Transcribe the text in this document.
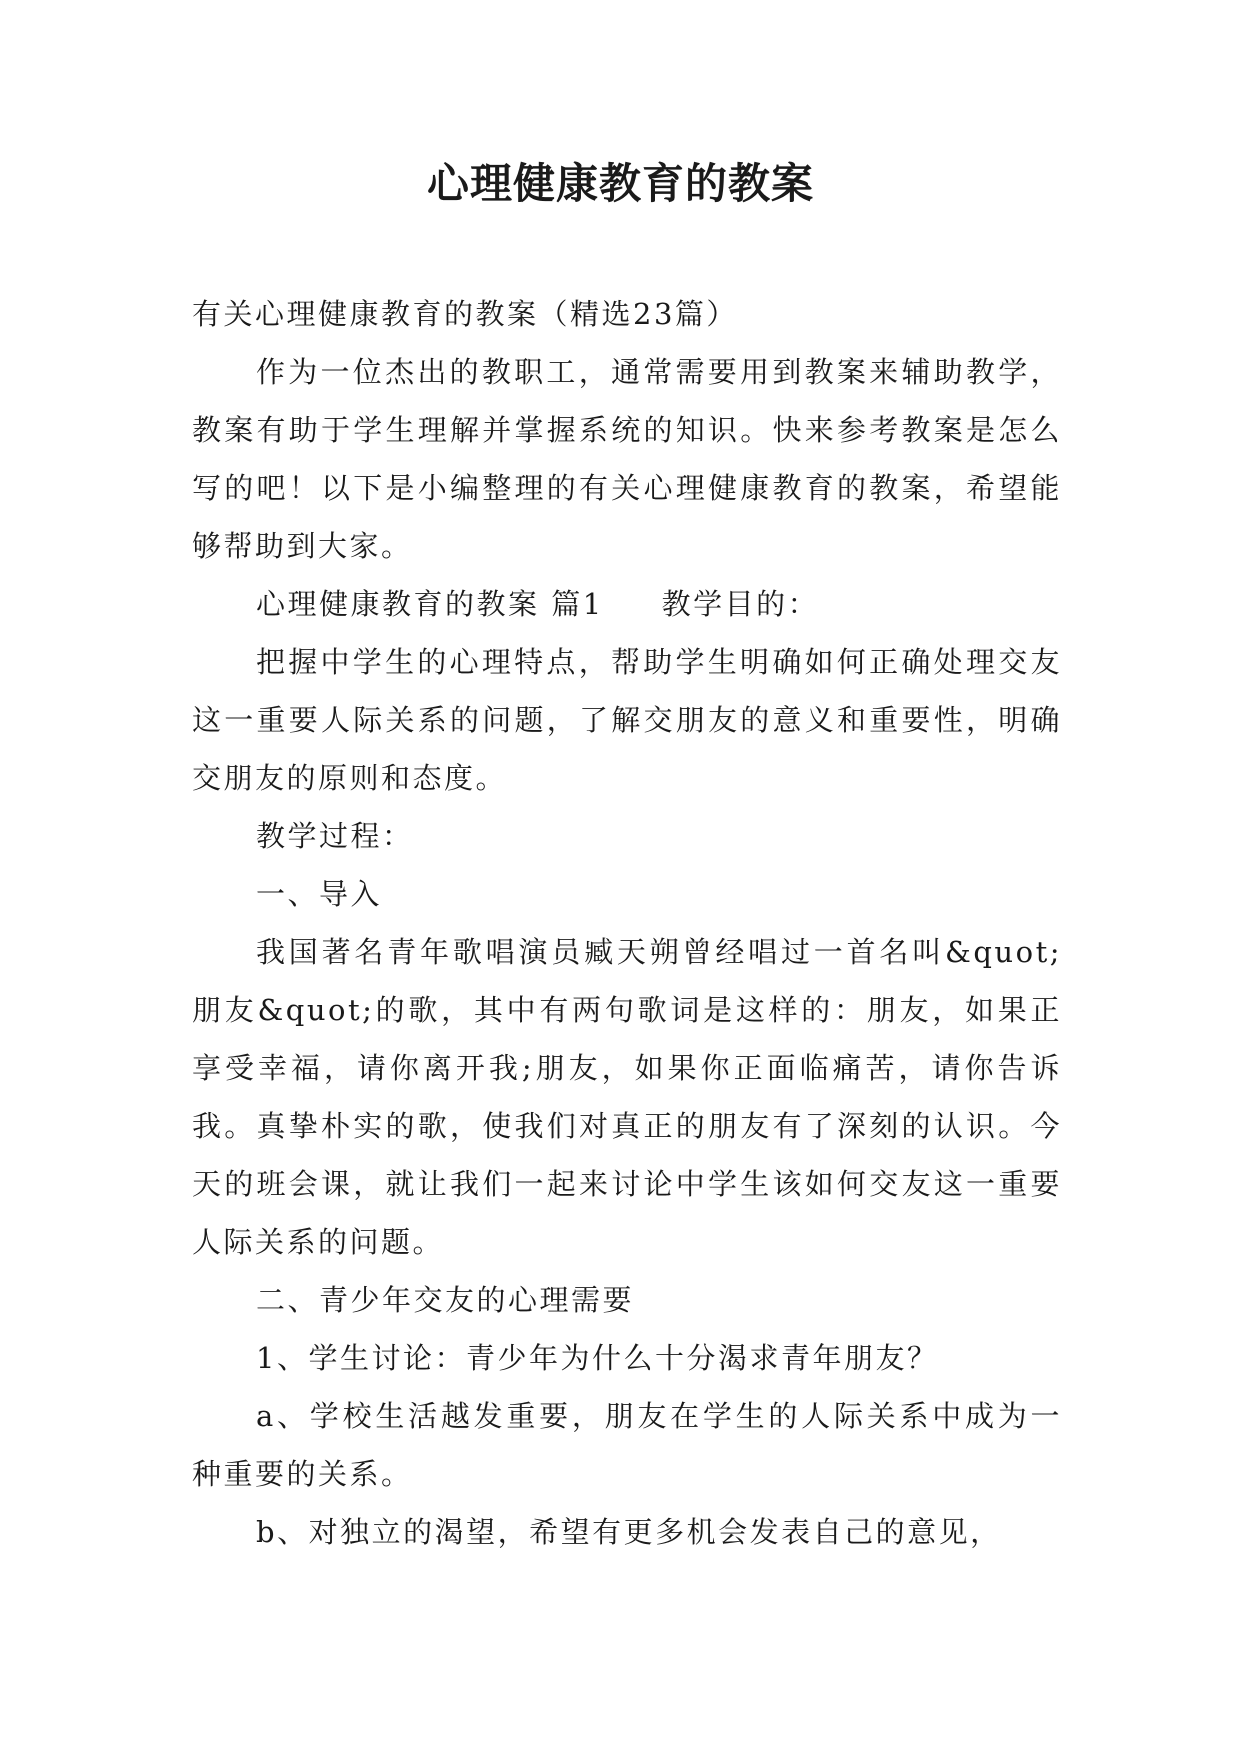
心理健康教育的教案

有关心理健康教育的教案（精选23篇）

作为一位杰出的教职工，通常需要用到教案来辅助教学，教案有助于学生理解并掌握系统的知识。快来参考教案是怎么写的吧！以下是小编整理的有关心理健康教育的教案，希望能够帮助到大家。

心理健康教育的教案 篇1 教学目的：

把握中学生的心理特点，帮助学生明确如何正确处理交友这一重要人际关系的问题，了解交朋友的意义和重要性，明确交朋友的原则和态度。

教学过程：

一、导入

我国著名青年歌唱演员臧天朔曾经唱过一首名叫&quot;朋友&quot;的歌，其中有两句歌词是这样的：朋友，如果正享受幸福，请你离开我;朋友，如果你正面临痛苦，请你告诉我。真挚朴实的歌，使我们对真正的朋友有了深刻的认识。今天的班会课，就让我们一起来讨论中学生该如何交友这一重要人际关系的问题。

二、青少年交友的心理需要

1、学生讨论：青少年为什么十分渴求青年朋友？

a、学校生活越发重要，朋友在学生的人际关系中成为一种重要的关系。

b、对独立的渴望，希望有更多机会发表自己的意见，
